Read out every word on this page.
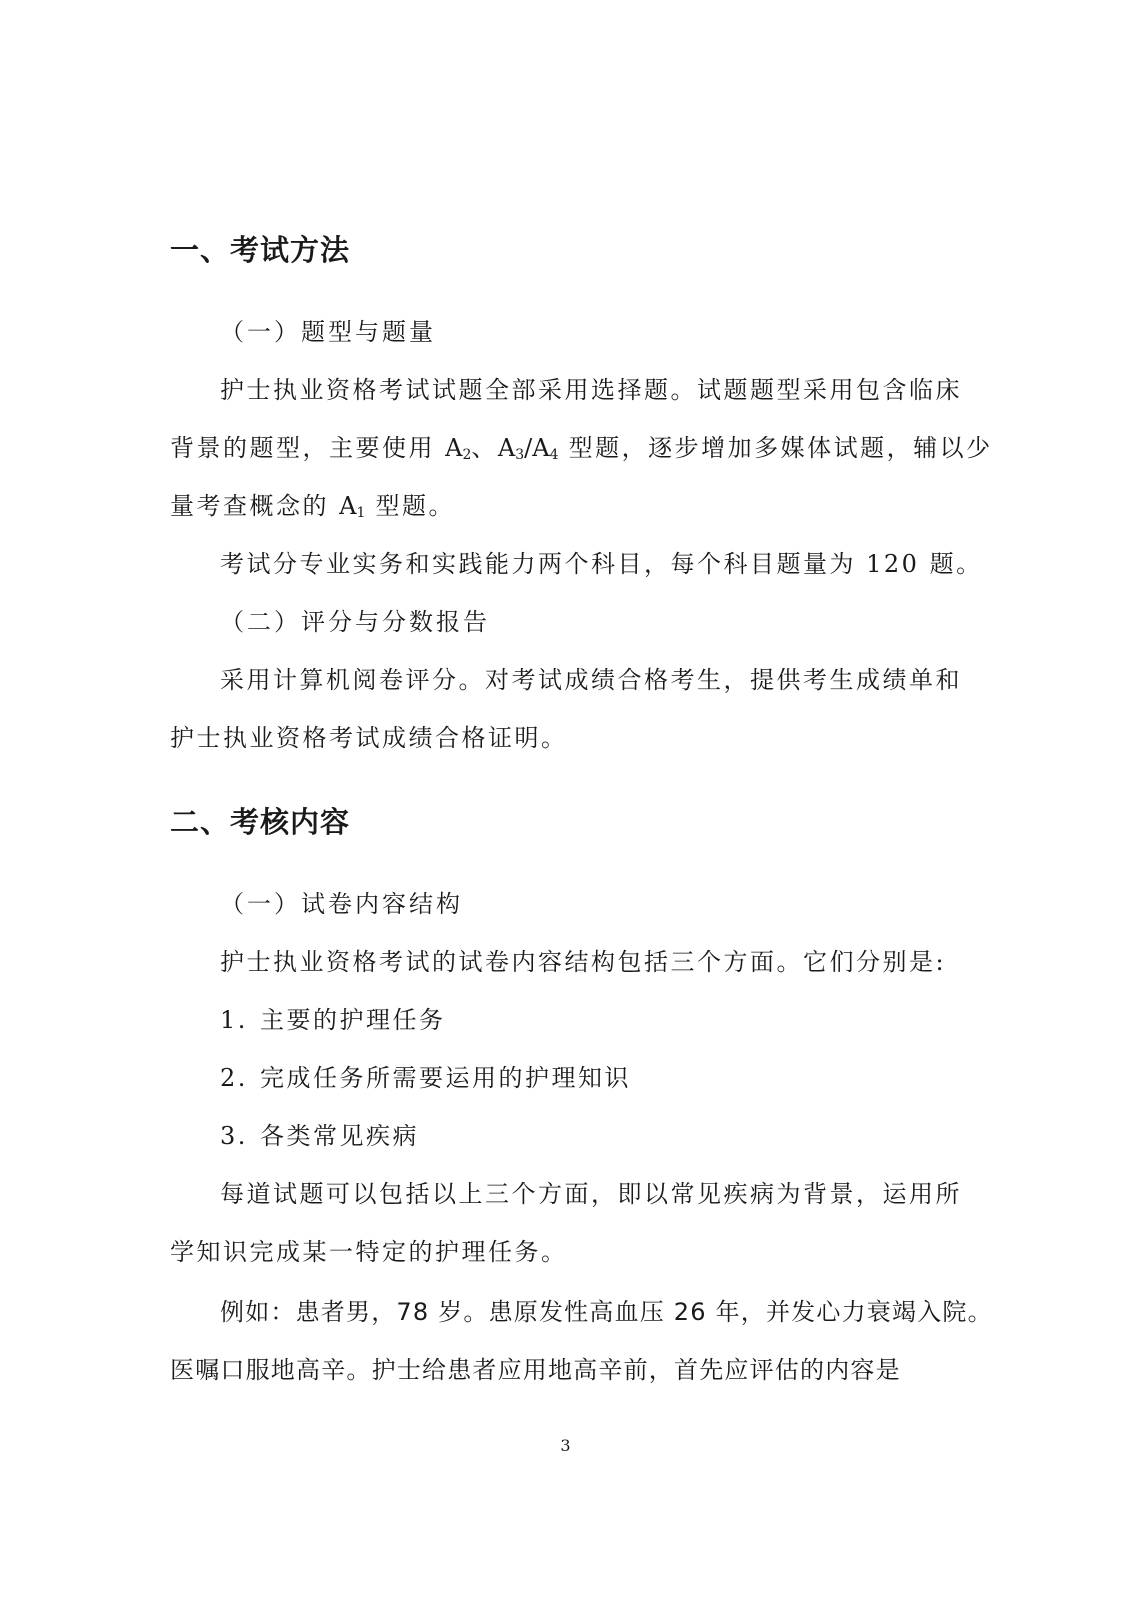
一、考试方法
（一）题型与题量
护士执业资格考试试题全部采用选择题。试题题型采用包含临床
背景的题型，主要使用 $A_2$、$A_3/A_4$ 型题，逐步增加多媒体试题，辅以少
量考查概念的 $A_1$ 型题。
考试分专业实务和实践能力两个科目，每个科目题量为 120 题。
（二）评分与分数报告
采用计算机阅卷评分。对考试成绩合格考生，提供考生成绩单和
护士执业资格考试成绩合格证明。
二、考核内容
（一）试卷内容结构
护士执业资格考试的试卷内容结构包括三个方面。它们分别是:
1. 主要的护理任务
2. 完成任务所需要运用的护理知识
3. 各类常见疾病
每道试题可以包括以上三个方面，即以常见疾病为背景，运用所
学知识完成某一特定的护理任务。
例如：患者男，78 岁。患原发性高血压 26 年，并发心力衰竭入院。
医嘱口服地高辛。护士给患者应用地高辛前，首先应评估的内容是
3
